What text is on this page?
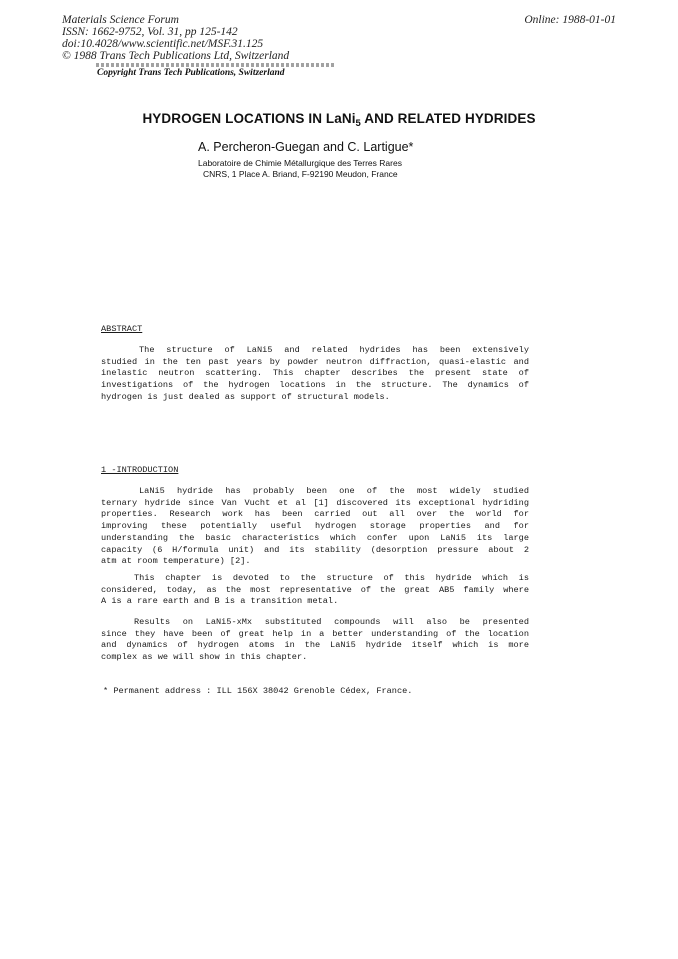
Materials Science Forum
ISSN: 1662-9752, Vol. 31, pp 125-142
doi:10.4028/www.scientific.net/MSF.31.125
© 1988 Trans Tech Publications Ltd, Switzerland
Online: 1988-01-01
Copyright Trans Tech Publications, Switzerland
HYDROGEN LOCATIONS IN LaNi$_5$ AND RELATED HYDRIDES
A. Percheron-Guegan and C. Lartigue*
Laboratoire de Chimie Métallurgique des Terres Rares
CNRS, 1 Place A. Briand, F-92190 Meudon, France
ABSTRACT
The structure of LaNi5 and related hydrides has been extensively
studied in the ten past years by powder neutron diffraction, quasi-elastic and
inelastic neutron scattering. This chapter describes the present state of
investigations of the hydrogen locations in the structure. The dynamics of
hydrogen is just dealed as support of structural models.
1 -INTRODUCTION
LaNi5 hydride has probably been one of the most widely studied
ternary hydride since Van Vucht et al [1] discovered its exceptional hydriding
properties. Research work has been carried out all over the world for
improving these potentially useful hydrogen storage properties and for
understanding the basic characteristics which confer upon LaNi5 its large
capacity (6 H/formula unit) and its stability (desorption pressure about 2
atm at room temperature) [2].
This chapter is devoted to the structure of this hydride which is
considered, today, as the most representative of the great AB5 family where
A is a rare earth and B is a transition metal.
Results on LaNi5-xMx substituted compounds will also be presented
since they have been of great help in a better understanding of the location
and dynamics of hydrogen atoms in the LaNi5 hydride itself which is more
complex as we will show in this chapter.
* Permanent address : ILL 156X 38042 Grenoble Cédex, France.
